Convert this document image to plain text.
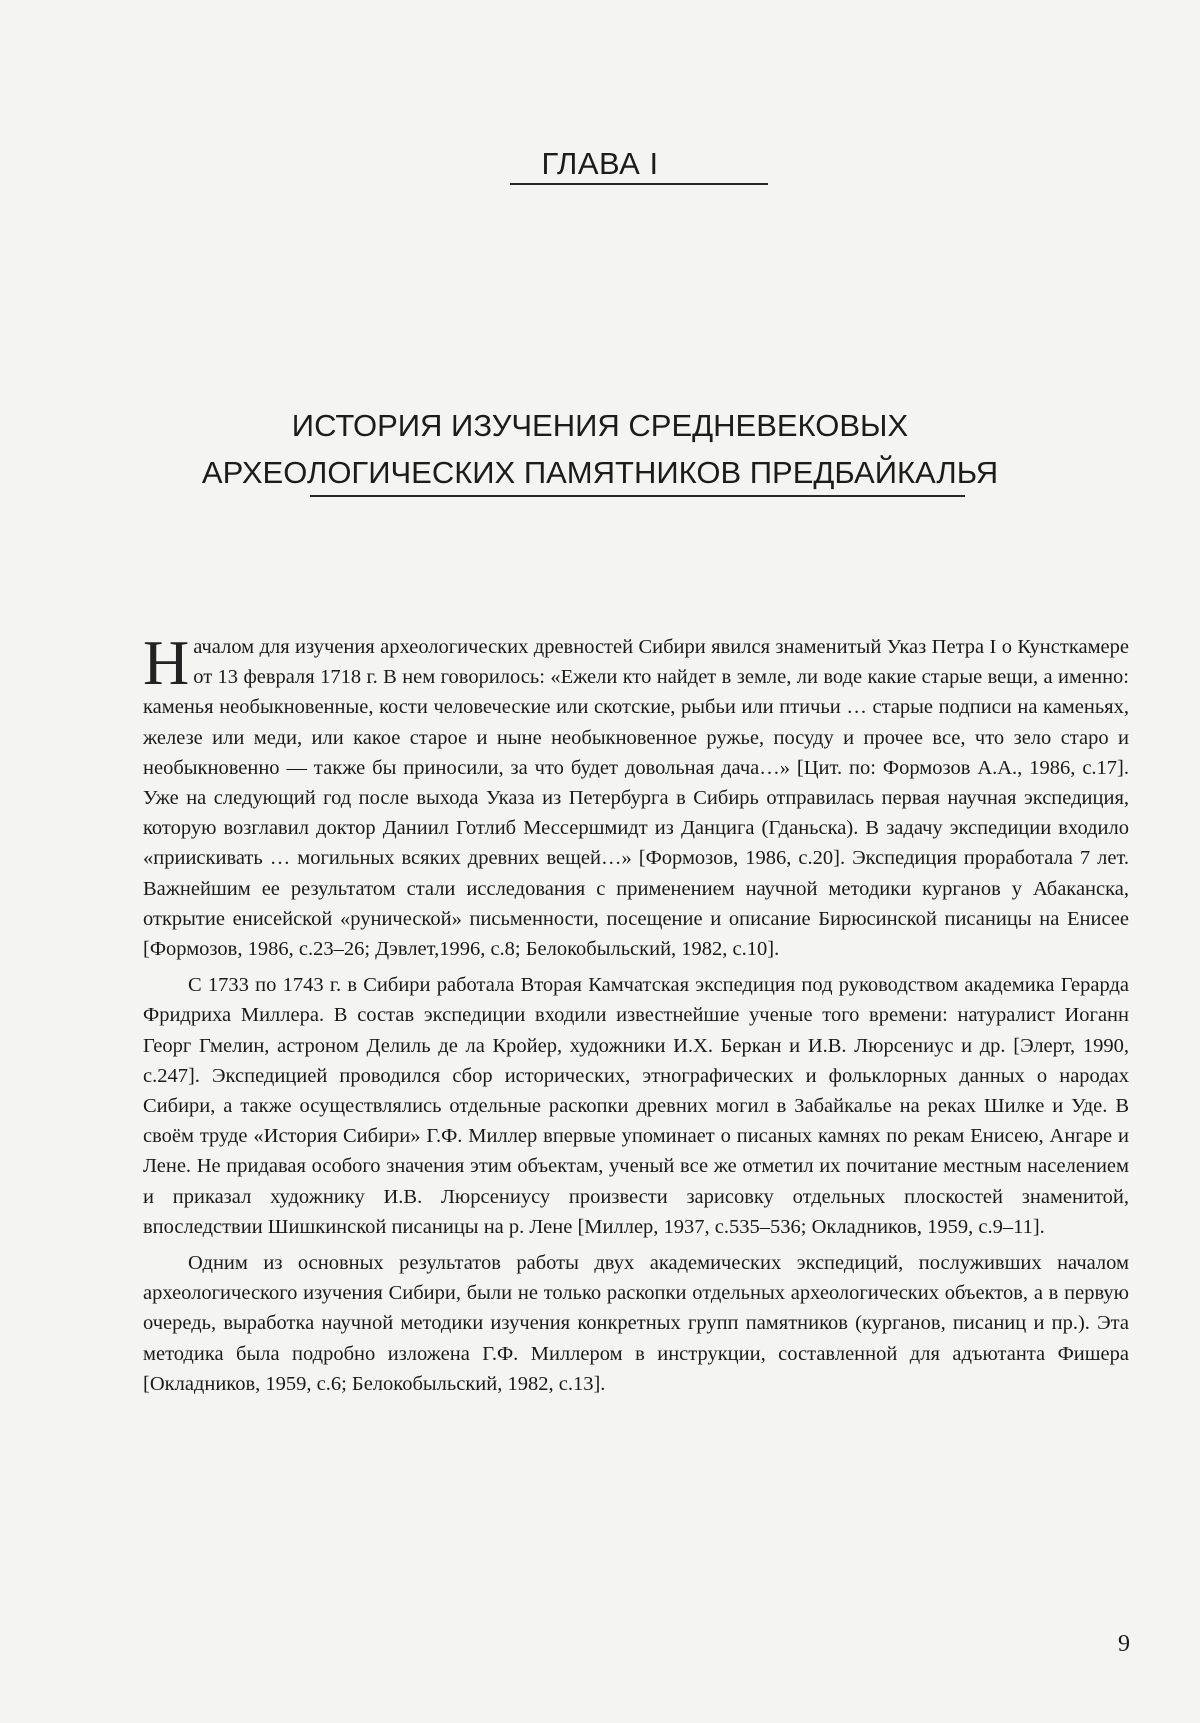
ГЛАВА I
ИСТОРИЯ ИЗУЧЕНИЯ СРЕДНЕВЕКОВЫХ
АРХЕОЛОГИЧЕСКИХ ПАМЯТНИКОВ ПРЕДБАЙКАЛЬЯ

Началом для изучения археологических древностей Сибири явился знаменитый Указ Петра I о Кунсткамере от 13 февраля 1718 г. В нем говорилось: «Ежели кто найдет в земле, ли воде какие старые вещи, а именно: каменья необыкновенные, кости человеческие или скотские, рыбьи или птичьи … старые подписи на каменьях, железе или меди, или какое старое и ныне необыкновенное ружье, посуду и прочее все, что зело старо и необыкновенно — также бы приносили, за что будет довольная дача…» [Цит. по: Формозов А.А., 1986, с.17]. Уже на следующий год после выхода Указа из Петербурга в Сибирь отправилась первая научная экспедиция, которую возглавил доктор Даниил Готлиб Мессершмидт из Данцига (Гданьска). В задачу экспедиции входило «приискивать … могильных всяких древних вещей…» [Формозов, 1986, с.20]. Экспедиция проработала 7 лет. Важнейшим ее результатом стали исследования с применением научной методики курганов у Абаканска, открытие енисейской «рунической» письменности, посещение и описание Бирюсинской писаницы на Енисее [Формозов, 1986, с.23–26; Дэвлет,1996, с.8; Белокобыльский, 1982, с.10].

С 1733 по 1743 г. в Сибири работала Вторая Камчатская экспедиция под руководством академика Герарда Фридриха Миллера. В состав экспедиции входили известнейшие ученые того времени: натуралист Иоганн Георг Гмелин, астроном Делиль де ла Кройер, художники И.Х. Беркан и И.В. Люрсениус и др. [Элерт, 1990, с.247]. Экспедицией проводился сбор исторических, этнографических и фольклорных данных о народах Сибири, а также осуществлялись отдельные раскопки древних могил в Забайкалье на реках Шилке и Уде. В своём труде «История Сибири» Г.Ф. Миллер впервые упоминает о писаных камнях по рекам Енисею, Ангаре и Лене. Не придавая особого значения этим объектам, ученый все же отметил их почитание местным населением и приказал художнику И.В. Люрсениусу произвести зарисовку отдельных плоскостей знаменитой, впоследствии Шишкинской писаницы на р. Лене [Миллер, 1937, с.535–536; Окладников, 1959, с.9–11].

Одним из основных результатов работы двух академических экспедиций, послуживших началом археологического изучения Сибири, были не только раскопки отдельных археологических объектов, а в первую очередь, выработка научной методики изучения конкретных групп памятников (курганов, писаниц и пр.). Эта методика была подробно изложена Г.Ф. Миллером в инструкции, составленной для адъютанта Фишера [Окладников, 1959, с.6; Белокобыльский, 1982, с.13].

9
